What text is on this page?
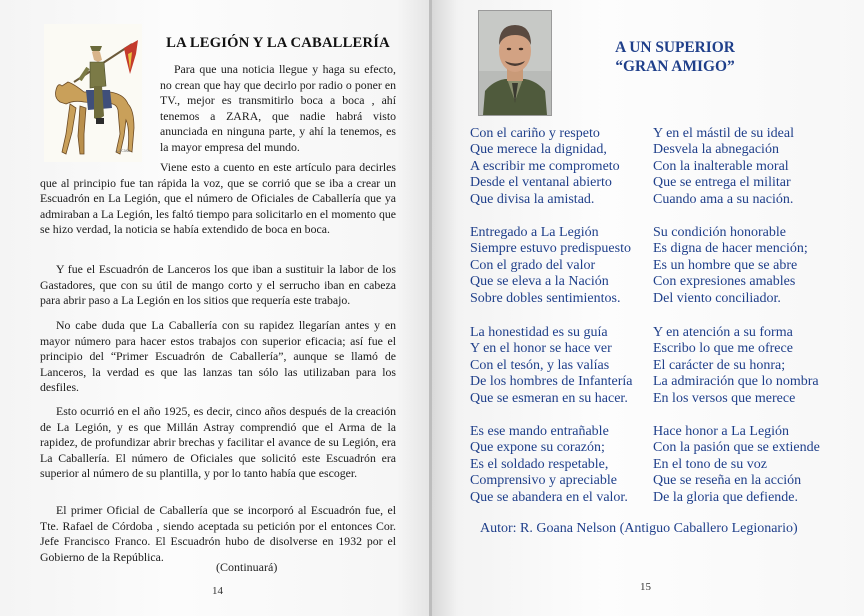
Lacasa
LA LEGIÓN Y LA CABALLERÍA

Para que una noticia llegue y haga su efecto, no crean que hay que decirlo por radio o poner en TV., mejor es transmitirlo boca a boca , ahí tenemos a ZARA, que nadie habrá visto anunciada en ninguna parte, y ahí la tenemos, es la mayor empresa del mundo.

Viene esto a cuento en este artículo para decirles que al principio fue tan rápida la voz, que se corrió que se iba a crear un Escuadrón en La Legión, que el número de Oficiales de Caballería que ya admiraban a La Legión, les faltó tiempo para solicitarlo en el momento que se hizo verdad, la noticia se había extendido de boca en boca.

Y fue el Escuadrón de Lanceros los que iban a sustituir la labor de los Gastadores, que con su útil de mango corto y el serrucho iban en cabeza para abrir paso a La Legión en los sitios que requería este trabajo.

No cabe duda que La Caballería con su rapidez llegarían antes y en mayor número para hacer estos trabajos con superior eficacia; así fue el principio del “Primer Escuadrón de Caballería”, aunque se llamó de Lanceros, la verdad es que las lanzas tan sólo las utilizaban para los desfiles.

Esto ocurrió en el año 1925, es decir, cinco años después de la creación de La Legión, y es que Millán Astray comprendió que el Arma de la rapidez, de profundizar abrir brechas y facilitar el avance de su Legión, era La Caballería. El número de Oficiales que solicitó este Escuadrón era superior al número de su plantilla, y por lo tanto había que escoger.

El primer Oficial de Caballería que se incorporó al Escuadrón fue, el Tte. Rafael de Córdoba , siendo aceptada su petición por el entonces Cor. Jefe Francisco Franco. El Escuadrón hubo de disolverse en 1932 por el Gobierno de la República.

(Continuará)
14

A UN SUPERIOR
“GRAN AMIGO”

Con el cariño y respeto
Que merece la dignidad,
A escribir me comprometo
Desde el ventanal abierto
Que divisa la amistad.

Entregado a La Legión
Siempre estuvo predispuesto
Con el grado del valor
Que se eleva a la Nación
Sobre dobles sentimientos.

La honestidad es su guía
Y en el honor se hace ver
Con el tesón, y las valías
De los hombres de Infantería
Que se esmeran en su hacer.

Es ese mando entrañable
Que expone su corazón;
Es el soldado respetable,
Comprensivo y apreciable
Que se abandera en el valor.

Y en el mástil de su ideal
Desvela la abnegación
Con la inalterable moral
Que se entrega el militar
Cuando ama a su nación.

Su condición honorable
Es digna de hacer mención;
Es un hombre que se abre
Con expresiones amables
Del viento conciliador.

Y en atención a su forma
Escribo lo que me ofrece
El carácter de su honra;
La admiración que lo nombra
En los versos que merece

Hace honor a La Legión
Con la pasión que se extiende
En el tono de su voz
Que se reseña en la acción
De la gloria que defiende.

Autor: R. Goana Nelson (Antiguo Caballero Legionario)
15
